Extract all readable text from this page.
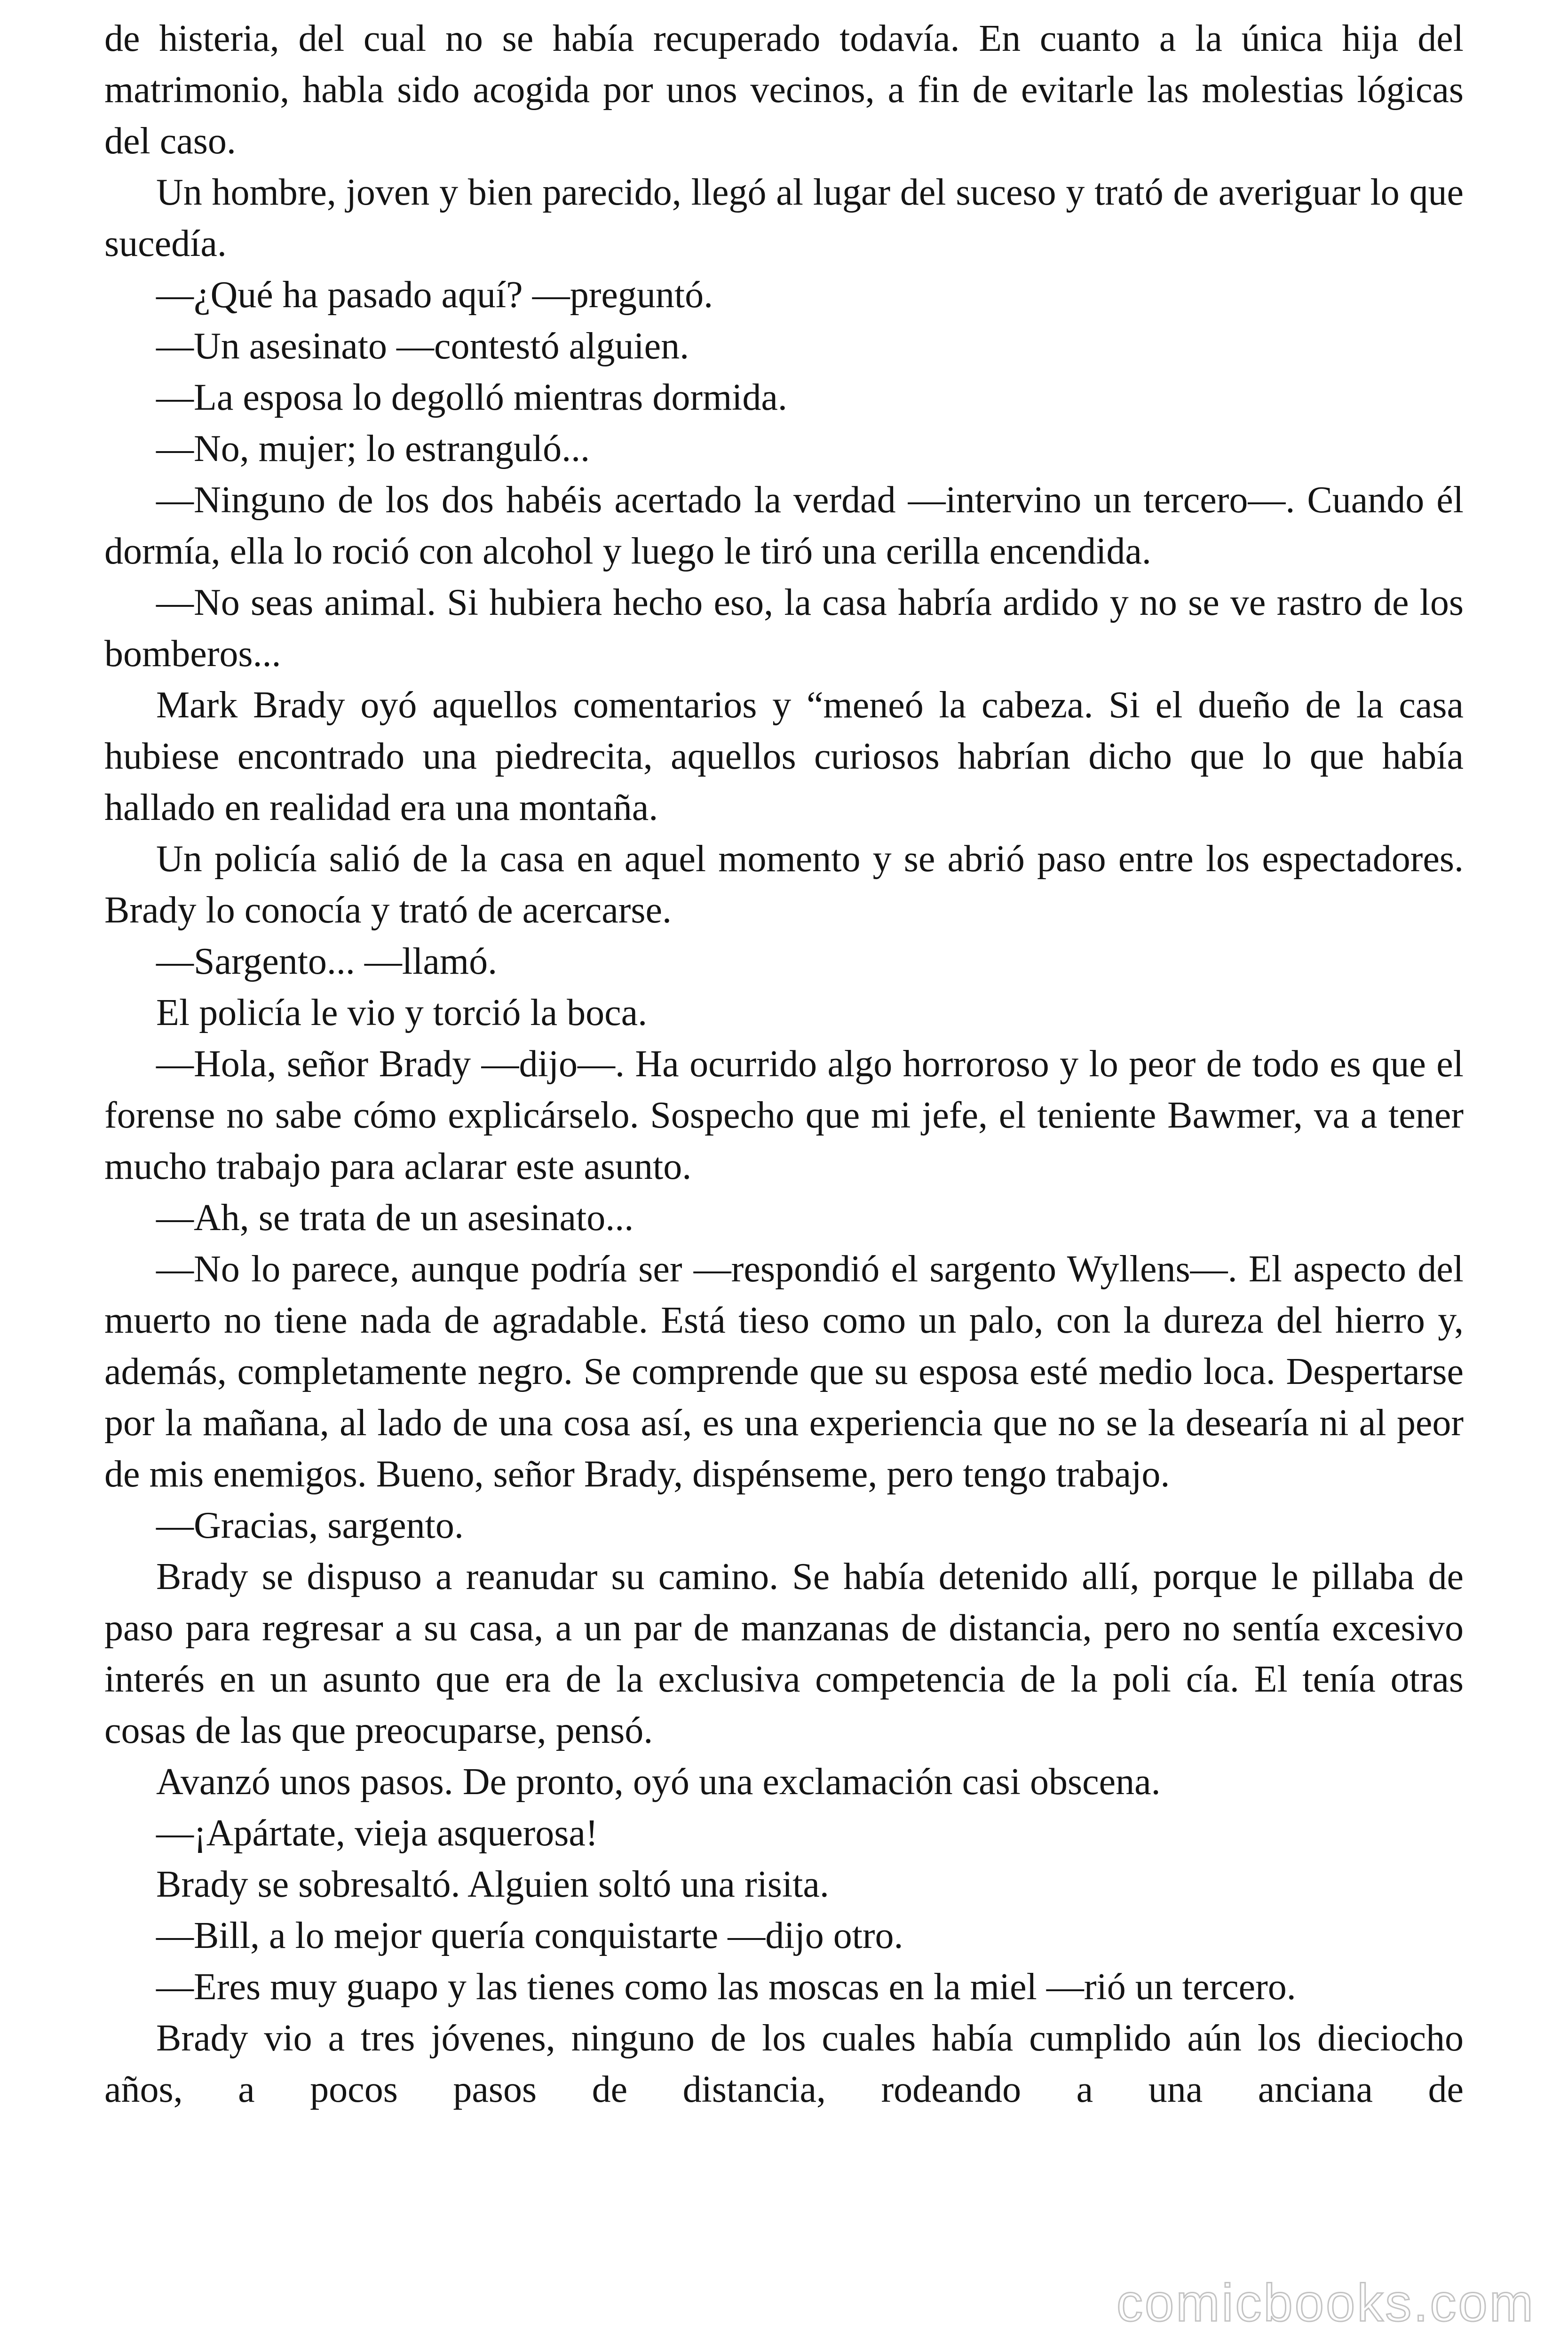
de histeria, del cual no se había recuperado todavía. En cuanto a la única hija del matrimonio, habla sido acogida por unos vecinos, a fin de evitarle las molestias lógicas del caso.

Un hombre, joven y bien parecido, llegó al lugar del suceso y trató de averiguar lo que sucedía.

—¿Qué ha pasado aquí? —preguntó.

—Un asesinato —contestó alguien.

—La esposa lo degolló mientras dormida.

—No, mujer; lo estranguló...

—Ninguno de los dos habéis acertado la verdad —intervino un tercero—. Cuando él dormía, ella lo roció con alcohol y luego le tiró una cerilla encendida.

—No seas animal. Si hubiera hecho eso, la casa habría ardido y no se ve rastro de los bomberos...

Mark Brady oyó aquellos comentarios y “meneó la cabeza. Si el dueño de la casa hubiese encontrado una piedrecita, aquellos curiosos habrían dicho que lo que había hallado en realidad era una montaña.

Un policía salió de la casa en aquel momento y se abrió paso entre los espectadores. Brady lo conocía y trató de acercarse.

—Sargento... —llamó.

El policía le vio y torció la boca.

—Hola, señor Brady —dijo—. Ha ocurrido algo horroroso y lo peor de todo es que el forense no sabe cómo explicárselo. Sospecho que mi jefe, el teniente Bawmer, va a tener mucho trabajo para aclarar este asunto.

—Ah, se trata de un asesinato...

—No lo parece, aunque podría ser —respondió el sargento Wyllens—. El aspecto del muerto no tiene nada de agradable. Está tieso como un palo, con la dureza del hierro y, además, completamente negro. Se comprende que su esposa esté medio loca. Despertarse por la mañana, al lado de una cosa así, es una experiencia que no se la desearía ni al peor de mis enemigos. Bueno, señor Brady, dispénseme, pero tengo trabajo.

—Gracias, sargento.

Brady se dispuso a reanudar su camino. Se había detenido allí, porque le pillaba de paso para regresar a su casa, a un par de manzanas de distancia, pero no sentía excesivo interés en un asunto que era de la exclusiva competencia de la poli cía. El tenía otras cosas de las que preocuparse, pensó.

Avanzó unos pasos. De pronto, oyó una exclamación casi obscena.

—¡Apártate, vieja asquerosa!

Brady se sobresaltó. Alguien soltó una risita.

—Bill, a lo mejor quería conquistarte —dijo otro.

—Eres muy guapo y las tienes como las moscas en la miel —rió un tercero.

Brady vio a tres jóvenes, ninguno de los cuales había cumplido aún los dieciocho años, a pocos pasos de distancia, rodeando a una anciana de

comicbooks.com
